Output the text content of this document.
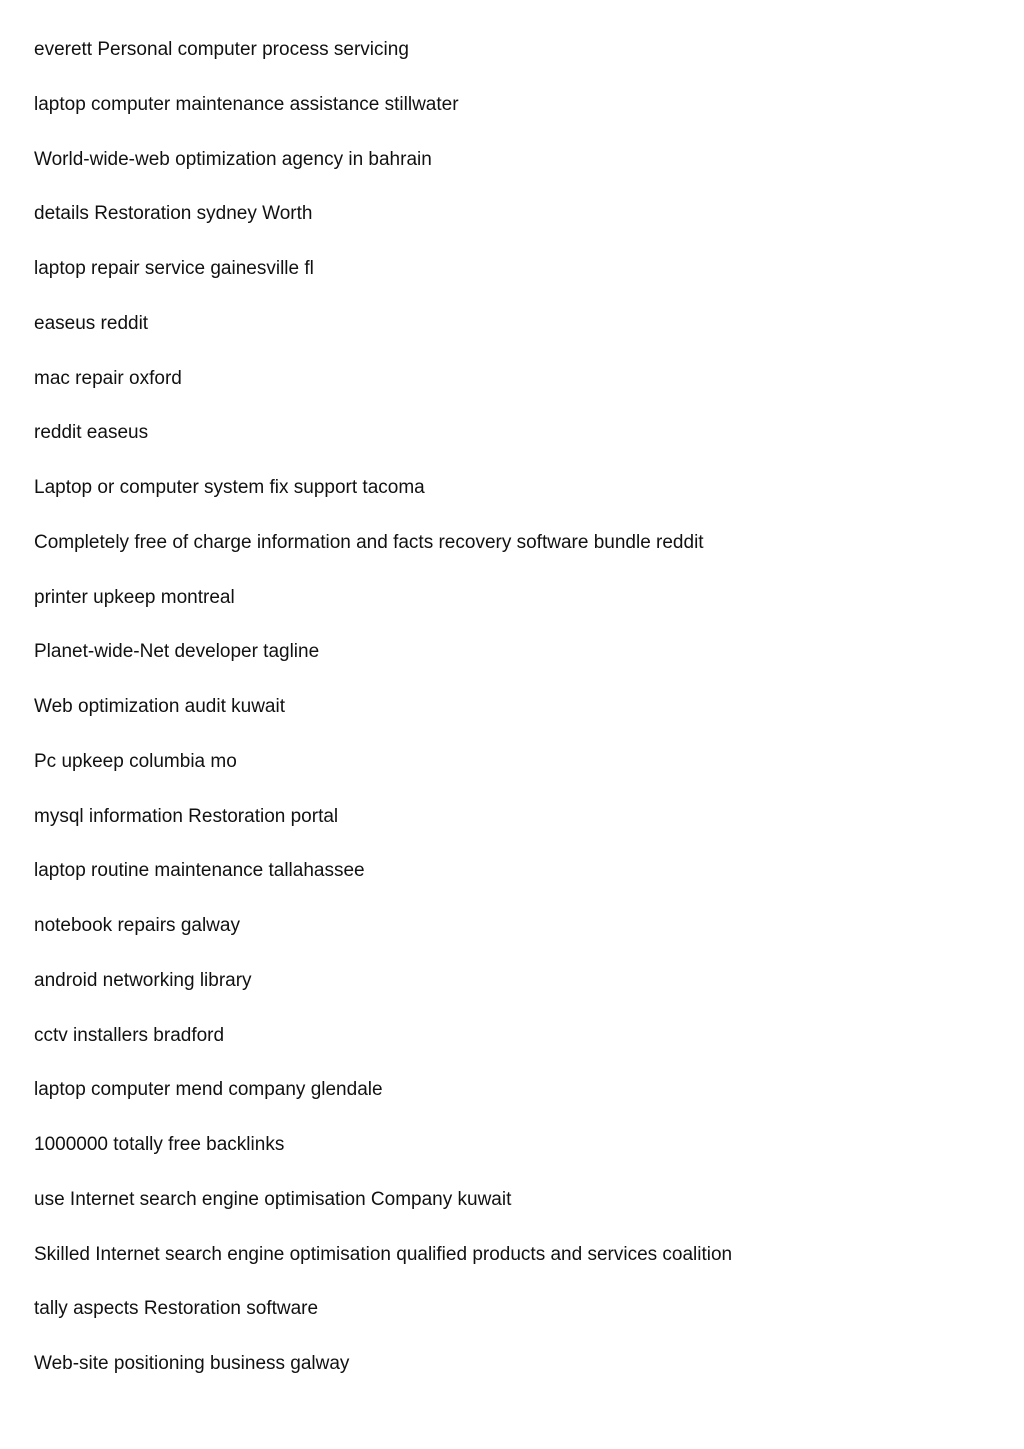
everett Personal computer process servicing
laptop computer maintenance assistance stillwater
World-wide-web optimization agency in bahrain
details Restoration sydney Worth
laptop repair service gainesville fl
easeus reddit
mac repair oxford
reddit easeus
Laptop or computer system fix support tacoma
Completely free of charge information and facts recovery software bundle reddit
printer upkeep montreal
Planet-wide-Net developer tagline
Web optimization audit kuwait
Pc upkeep columbia mo
mysql information Restoration portal
laptop routine maintenance tallahassee
notebook repairs galway
android networking library
cctv installers bradford
laptop computer mend company glendale
1000000 totally free backlinks
use Internet search engine optimisation Company kuwait
Skilled Internet search engine optimisation qualified products and services coalition
tally aspects Restoration software
Web-site positioning business galway
